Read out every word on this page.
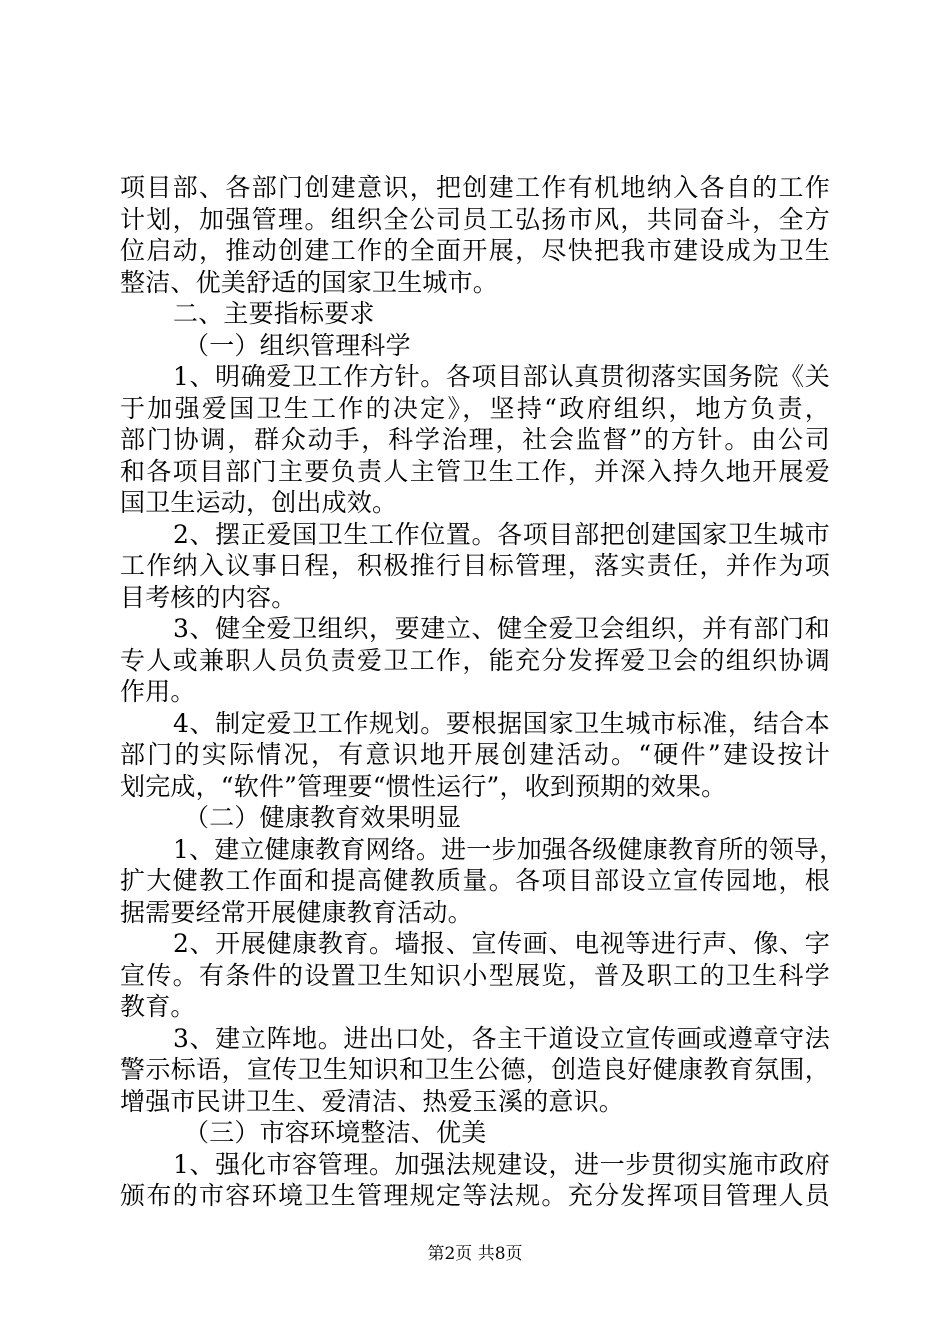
项目部、各部门创建意识，把创建工作有机地纳入各自的工作
计划，加强管理。组织全公司员工弘扬市风，共同奋斗，全方
位启动，推动创建工作的全面开展，尽快把我市建设成为卫生
整洁、优美舒适的国家卫生城市。
二、主要指标要求
（一）组织管理科学
1、明确爱卫工作方针。各项目部认真贯彻落实国务院《关
于加强爱国卫生工作的决定》，坚持“政府组织，地方负责，
部门协调，群众动手，科学治理，社会监督”的方针。由公司
和各项目部门主要负责人主管卫生工作，并深入持久地开展爱
国卫生运动，创出成效。
2、摆正爱国卫生工作位置。各项目部把创建国家卫生城市
工作纳入议事日程，积极推行目标管理，落实责任，并作为项
目考核的内容。
3、健全爱卫组织，要建立、健全爱卫会组织，并有部门和
专人或兼职人员负责爱卫工作，能充分发挥爱卫会的组织协调
作用。
4、制定爱卫工作规划。要根据国家卫生城市标准，结合本
部门的实际情况，有意识地开展创建活动。“硬件”建设按计
划完成，“软件”管理要“惯性运行”，收到预期的效果。
（二）健康教育效果明显
1、建立健康教育网络。进一步加强各级健康教育所的领导，
扩大健教工作面和提高健教质量。各项目部设立宣传园地，根
据需要经常开展健康教育活动。
2、开展健康教育。墙报、宣传画、电视等进行声、像、字
宣传。有条件的设置卫生知识小型展览，普及职工的卫生科学
教育。
3、建立阵地。进出口处，各主干道设立宣传画或遵章守法
警示标语，宣传卫生知识和卫生公德，创造良好健康教育氛围，
增强市民讲卫生、爱清洁、热爱玉溪的意识。
（三）市容环境整洁、优美
1、强化市容管理。加强法规建设，进一步贯彻实施市政府
颁布的市容环境卫生管理规定等法规。充分发挥项目管理人员
第2页 共8页
